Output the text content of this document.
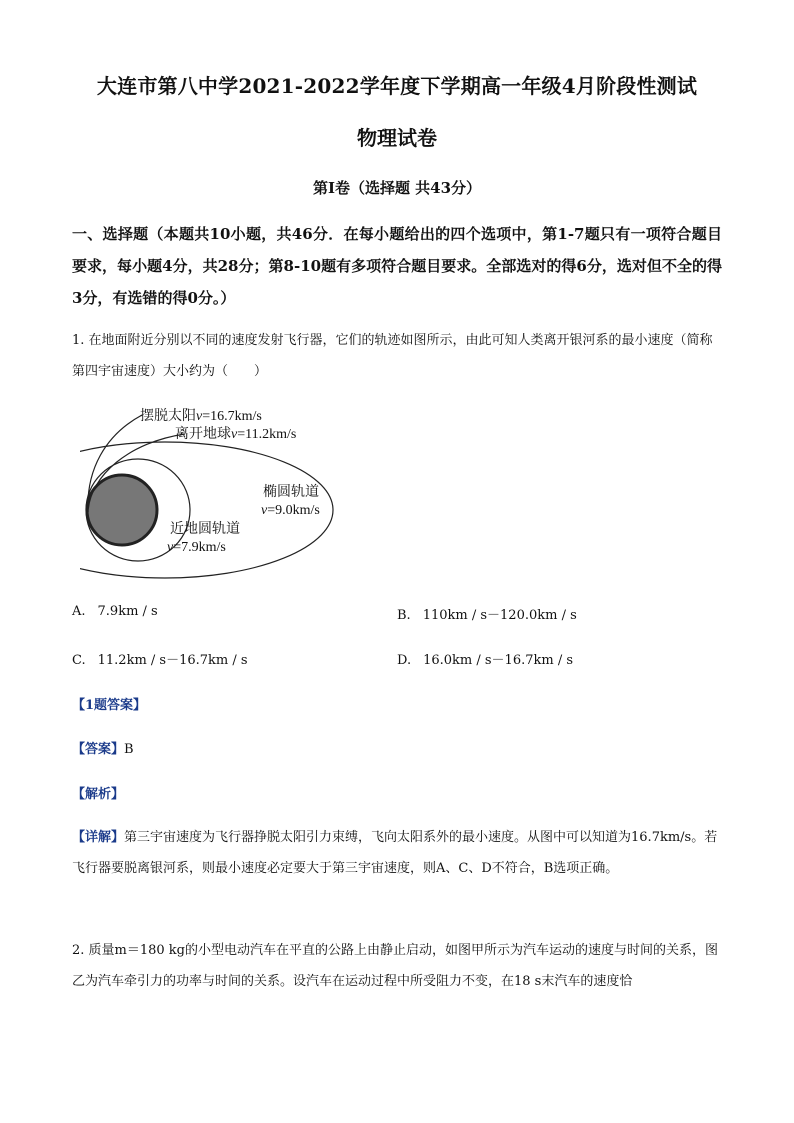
大连市第八中学2021-2022学年度下学期高一年级4月阶段性测试
物理试卷
第I卷（选择题 共43分）
一、选择题（本题共10小题，共46分．在每小题给出的四个选项中，第1-7题只有一项符合题目要求，每小题4分，共28分；第8-10题有多项符合题目要求。全部选对的得6分，选对但不全的得3分，有选错的得0分。）
1. 在地面附近分别以不同的速度发射飞行器，它们的轨迹如图所示，由此可知人类离开银河系的最小速度（简称第四宇宙速度）大小约为（　　）
摆脱太阳v=16.7km/s
离开地球v=11.2km/s
椭圆轨道
v=9.0km/s
近地圆轨道
v=7.9km/s
A. 7.9km / s	B. 110km / s－120.0km / s
C. 11.2km / s－16.7km / s	D. 16.0km / s－16.7km / s
【1题答案】
【答案】B
【解析】
【详解】第三宇宙速度为飞行器挣脱太阳引力束缚，飞向太阳系外的最小速度。从图中可以知道为16.7km/s。若飞行器要脱离银河系，则最小速度必定要大于第三宇宙速度，则A、C、D不符合，B选项正确。
2. 质量m＝180 kg的小型电动汽车在平直的公路上由静止启动，如图甲所示为汽车运动的速度与时间的关系，图乙为汽车牵引力的功率与时间的关系。设汽车在运动过程中所受阻力不变，在18 s末汽车的速度恰
